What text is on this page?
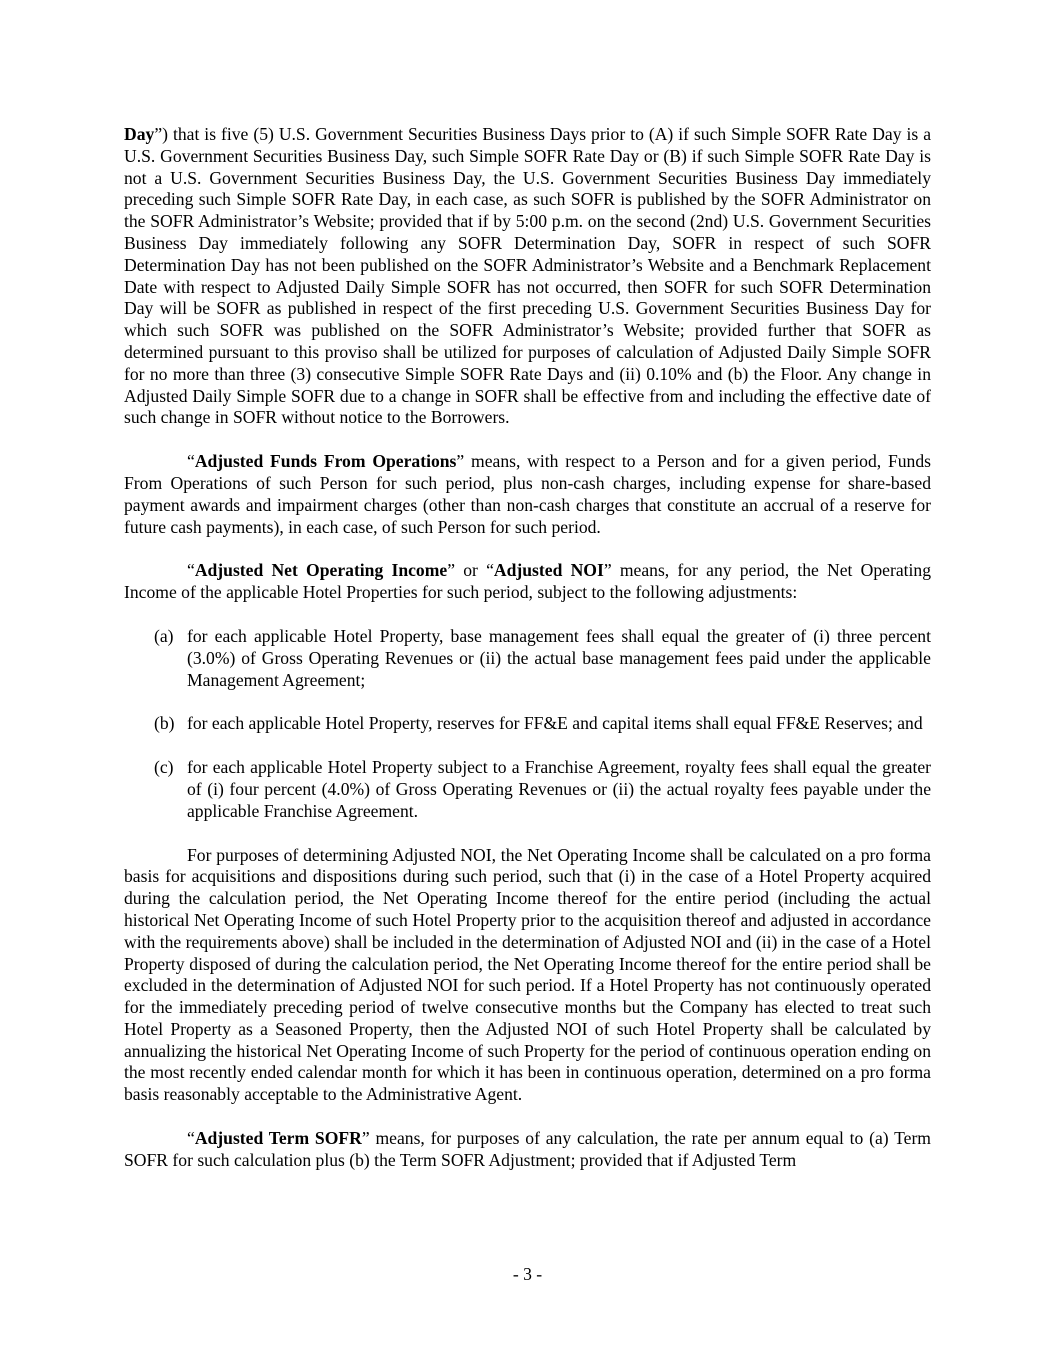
Day”) that is five (5) U.S. Government Securities Business Days prior to (A) if such Simple SOFR Rate Day is a U.S. Government Securities Business Day, such Simple SOFR Rate Day or (B) if such Simple SOFR Rate Day is not a U.S. Government Securities Business Day, the U.S. Government Securities Business Day immediately preceding such Simple SOFR Rate Day, in each case, as such SOFR is published by the SOFR Administrator on the SOFR Administrator’s Website; provided that if by 5:00 p.m. on the second (2nd) U.S. Government Securities Business Day immediately following any SOFR Determination Day, SOFR in respect of such SOFR Determination Day has not been published on the SOFR Administrator’s Website and a Benchmark Replacement Date with respect to Adjusted Daily Simple SOFR has not occurred, then SOFR for such SOFR Determination Day will be SOFR as published in respect of the first preceding U.S. Government Securities Business Day for which such SOFR was published on the SOFR Administrator’s Website; provided further that SOFR as determined pursuant to this proviso shall be utilized for purposes of calculation of Adjusted Daily Simple SOFR for no more than three (3) consecutive Simple SOFR Rate Days and (ii) 0.10% and (b) the Floor. Any change in Adjusted Daily Simple SOFR due to a change in SOFR shall be effective from and including the effective date of such change in SOFR without notice to the Borrowers.

“Adjusted Funds From Operations” means, with respect to a Person and for a given period, Funds From Operations of such Person for such period, plus non-cash charges, including expense for share-based payment awards and impairment charges (other than non-cash charges that constitute an accrual of a reserve for future cash payments), in each case, of such Person for such period.

“Adjusted Net Operating Income” or “Adjusted NOI” means, for any period, the Net Operating Income of the applicable Hotel Properties for such period, subject to the following adjustments:

(a) for each applicable Hotel Property, base management fees shall equal the greater of (i) three percent (3.0%) of Gross Operating Revenues or (ii) the actual base management fees paid under the applicable Management Agreement;
(b) for each applicable Hotel Property, reserves for FF&E and capital items shall equal FF&E Reserves; and
(c) for each applicable Hotel Property subject to a Franchise Agreement, royalty fees shall equal the greater of (i) four percent (4.0%) of Gross Operating Revenues or (ii) the actual royalty fees payable under the applicable Franchise Agreement.

For purposes of determining Adjusted NOI, the Net Operating Income shall be calculated on a pro forma basis for acquisitions and dispositions during such period, such that (i) in the case of a Hotel Property acquired during the calculation period, the Net Operating Income thereof for the entire period (including the actual historical Net Operating Income of such Hotel Property prior to the acquisition thereof and adjusted in accordance with the requirements above) shall be included in the determination of Adjusted NOI and (ii) in the case of a Hotel Property disposed of during the calculation period, the Net Operating Income thereof for the entire period shall be excluded in the determination of Adjusted NOI for such period. If a Hotel Property has not continuously operated for the immediately preceding period of twelve consecutive months but the Company has elected to treat such Hotel Property as a Seasoned Property, then the Adjusted NOI of such Hotel Property shall be calculated by annualizing the historical Net Operating Income of such Property for the period of continuous operation ending on the most recently ended calendar month for which it has been in continuous operation, determined on a pro forma basis reasonably acceptable to the Administrative Agent.

“Adjusted Term SOFR” means, for purposes of any calculation, the rate per annum equal to (a) Term SOFR for such calculation plus (b) the Term SOFR Adjustment; provided that if Adjusted Term

- 3 -
